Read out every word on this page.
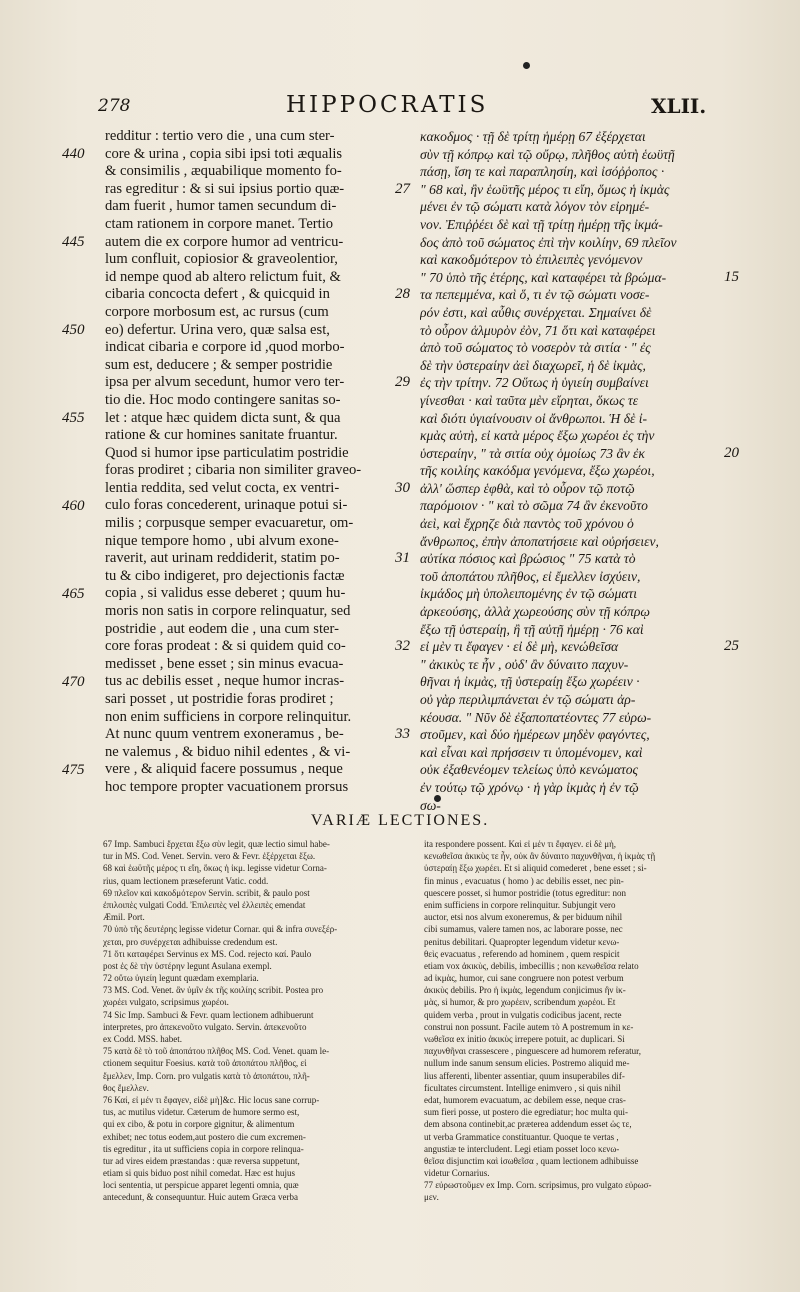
278	HIPPOCRATIS	XLII.
440
445
450
455
460
465
470
475
27
28
29
30
31
32
33
15
20
25
redditur : tertio vero die , una cum ster-
core & urina , copia sibi ipsi toti æqualis
& consimilis , æquabilique momento fo-
ras egreditur : & si sui ipsius portio quæ-
dam fuerit , humor tamen secundum di-
ctam rationem in corpore manet. Tertio
autem die ex corpore humor ad ventricu-
lum confluit, copiosior & graveolentior,
id nempe quod ab altero relictum fuit, &
cibaria concocta defert , & quicquid in
corpore morbosum est, ac rursus (cum
eo) defertur. Urina vero, quæ salsa est,
indicat cibaria e corpore id ,quod morbo-
sum est, deducere ; & semper postridie
ipsa per alvum secedunt, humor vero ter-
tio die. Hoc modo contingere sanitas so-
let : atque hæc quidem dicta sunt, & qua
ratione & cur homines sanitate fruantur.
Quod si humor ipse particulatim postridie
foras prodiret ; cibaria non similiter graveo-
lentia reddita, sed velut cocta, ex ventri-
culo foras concederent, urinaque potui si-
milis ; corpusque semper evacuaretur, om-
nique tempore homo , ubi alvum exone-
raverit, aut urinam reddiderit, statim po-
tu & cibo indigeret, pro dejectionis factæ
copia , si validus esse deberet ; quum hu-
moris non satis in corpore relinquatur, sed
postridie , aut eodem die , una cum ster-
core foras prodeat : & si quidem quid co-
medisset , bene esset ; sin minus evacua-
tus ac debilis esset , neque humor incras-
sari posset , ut postridie foras prodiret ;
non enim sufficiens in corpore relinquitur.
At nunc quum ventrem exoneramus , be-
ne valemus , & biduo nihil edentes , & vi-
vere , & aliquid facere possumus , neque
hoc tempore propter vacuationem prorsus
κακοδμος · τῇ δὲ τρίτῃ ἡμέρῃ 67 ἐξέρχεται
σὺν τῇ κόπρῳ καὶ τῷ οὔρῳ, πλῆθος αὐτὴ ἑωϋτῇ
πάσῃ, ἴση τε καὶ παραπλησίη, καὶ ἰσόῤῥοπος ·
" 68 καὶ, ἢν ἑωϋτῆς μέρος τι εἴη, ὅμως ἡ ἰκμὰς
μένει ἐν τῷ σώματι κατὰ λόγον τὸν εἰρημέ-
νον. Ἐπιῤῥέει δὲ καὶ τῇ τρίτῃ ἡμέρῃ τῆς ἰκμά-
δος ἀπὸ τοῦ σώματος ἐπὶ τὴν κοιλίην, 69 πλεῖον
καὶ κακοδμότερον τὸ ἐπιλειπὲς γενόμενον
" 70 ὑπὸ τῆς ἑτέρης, καὶ καταφέρει τὰ βρώμα-
τα πεπεμμένα, καὶ ὅ, τι ἐν τῷ σώματι νοσε-
ρόν ἐστι, καὶ αὖθις συνέρχεται. Σημαίνει δὲ
τὸ οὖρον ἁλμυρὸν ἐὸν, 71 ὅτι καὶ καταφέρει
ἀπὸ τοῦ σώματος τὸ νοσερὸν τὰ σιτία · " ἐς
δὲ τὴν ὑστεραίην ἀεὶ διαχωρεῖ, ἡ δὲ ἰκμὰς,
ἐς τὴν τρίτην. 72 Οὕτως ἡ ὑγιείη συμβαίνει
γίνεσθαι · καὶ ταῦτα μὲν εἴρηται, ὅκως τε
καὶ διότι ὑγιαίνουσιν οἱ ἄνθρωποι. Ἡ δὲ ἰ-
κμὰς αὐτὴ, εἰ κατὰ μέρος ἔξω χωρέοι ἐς τὴν
ὑστεραίην, " τὰ σιτία οὐχ ὁμοίως 73 ἂν ἐκ
τῆς κοιλίης κακόδμα γενόμενα, ἔξω χωρέοι,
ἀλλ' ὥσπερ ἑφθὰ, καὶ τὸ οὖρον τῷ ποτῷ
παρόμοιον · " καὶ τὸ σῶμα 74 ἂν ἐκενοῦτο
ἀεὶ, καὶ ἔχρηζε διὰ παντὸς τοῦ χρόνου ὁ
ἄνθρωπος, ἐπὴν ἀποπατήσειε καὶ οὐρήσειεν,
αὐτίκα πόσιος καὶ βρώσιος " 75 κατὰ τὸ
τοῦ ἀποπάτου πλῆθος, εἰ ἔμελλεν ἰσχύειν,
ἰκμάδος μὴ ὑπολειπομένης ἐν τῷ σώματι
ἀρκεούσης, ἀλλὰ χωρεούσης σὺν τῇ κόπρῳ
ἔξω τῇ ὑστεραίῃ, ἢ τῇ αὐτῇ ἡμέρῃ · 76 καὶ
εἰ μὲν τι ἔφαγεν · εἰ δὲ μὴ, κενώθεῖσα
" ἀκικὺς τε ἦν , οὐδ' ἂν δύναιτο παχυν-
θῆναι ἡ ἰκμὰς, τῇ ὑστεραίῃ ἔξω χωρέειν ·
οὐ γὰρ περιλιμπάνεται ἐν τῷ σώματι ἀρ-
κέουσα. " Νῦν δὲ ἐξαποπατέοντες 77 εὐρω-
στοῦμεν, καὶ δύο ἡμέρεων μηδὲν φαγόντες,
καὶ εἶναι καὶ πρήσσειν τι ὑπομένομεν, καὶ
οὐκ ἐξαθενέομεν τελείως ὑπὸ κενώματος
ἐν τούτῳ τῷ χρόνῳ · ἡ γὰρ ἰκμὰς ἡ ἐν τῷ
σω-
VARIÆ LECTIONES.
67 Imp. Sambuci ἔρχεται ἔξω σὺν legit, quæ lectio simul habe-
tur in MS. Cod. Venet. Servin. vero & Fevr. ἐξέρχεται ἔξω.
68 καὶ ἑωϋτῆς μέρος τι εἴη, ὅκως ἡ ἰκμ. legisse videtur Corna-
rius, quam lectionem præseferunt Vatic. codd.
69 πλεῖον καὶ κακοδμότερον Servin. scribit, & paulo post
ἐπιλοιπὲς vulgati Codd. Ἐπιλειπὲς vel ἐλλειπὲς emendat
Æmil. Port.
70 ὑπὸ τῆς δευτέρης legisse videtur Cornar. qui & infra συνεξέρ-
χεται, pro συνέρχεται adhibuisse credendum est.
71 ὅτι καταφέρει Servinus ex MS. Cod. rejecto καί. Paulo
post ἐς δὲ τὴν ὑστέρην legunt Asulana exempl.
72 οὕτω ὑγιείη legunt quædam exemplaria.
73 MS. Cod. Venet. ἂν ὑμῖν ἐκ τῆς κοιλίης scribit. Postea pro
χωρέει vulgato, scripsimus χωρέοι.
74 Sic Imp. Sambuci & Fevr. quam lectionem adhibuerunt
interpretes, pro ἀπεκενοῦτο vulgato. Servin. ἀπεκενοῦτο
ex Codd. MSS. habet.
75 κατὰ δὲ τὸ τοῦ ἀποπάτου πλῆθος MS. Cod. Venet. quam le-
ctionem sequitur Foesius. κατὰ τοῦ ἀποπάτου πλῆθος, εἰ
ἔμελλεν, Imp. Corn. pro vulgatis κατὰ τὸ ἀποπάτου, πλῆ-
θος ἔμελλεν.
76 Καί, εἰ μέν τι ἔφαγεν, εἰδὲ μὴ]&c. Hic locus sane corrup-
tus, ac mutilus videtur. Cæterum de humore sermo est,
qui ex cibo, & potu in corpore gignitur, & alimentum
exhibet; nec totus eodem,aut postero die cum excremen-
tis egreditur , ita ut sufficiens copia in corpore relinqua-
tur ad vires eidem præstandas : quæ reversa suppetunt,
etiam si quis biduo post nihil comedat. Hæc est hujus
loci sententia, ut perspicue apparet legenti omnia, quæ
antecedunt, & consequuntur. Huic autem Græca verba
ita respondere possent. Καὶ εἰ μέν τι ἔφαγεν. εἰ δὲ μὴ,
κενωθεῖσα ἀκικὺς τε ἦν, οὐκ ἂν δύναιτο παχυνθῆναι, ἡ ἰκμὰς τῇ
ὑστεραίῃ ἔξω χωρέει. Et si aliquid comederet , bene esset ; si-
fin minus , evacuatus ( homo ) ac debilis esset, nec pin-
quescere posset, si humor postridie (totus egreditur: non
enim sufficiens in corpore relinquitur. Subjungit vero
auctor, etsi nos alvum exoneremus, & per biduum nihil
cibi sumamus, valere tamen nos, ac laborare posse, nec
penitus debilitari. Quapropter legendum videtur κενω-
θεὶς evacuatus , referendo ad hominem , quem respicit
etiam vox ἀκικὺς, debilis, imbecillis ; non κενωθεῖσα relato
ad ἰκμὰς, humor, cui sane congruere non potest verbum
ἀκικὺς debilis. Pro ἡ ἰκμὰς, legendum conjicimus ἢν ἰκ-
μὰς, si humor, & pro χωρέειν, scribendum χωρέοι. Et
quidem verba , prout in vulgatis codicibus jacent, recte
construi non possunt. Facile autem τὸ A postremum in κε-
νωθεῖσα ex initio ἀκικὺς irrepere potuit, ac duplicari. Si
παχυνθῆναι crassescere , pinguescere ad humorem referatur,
nullum inde sanum sensum elicies. Postremo aliquid me-
lius afferenti, libenter assentiar, quum insuperabiles dif-
ficultates circumstent. Intellige enimvero , si quis nihil
edat, humorem evacuatum, ac debilem esse, neque cras-
sum fieri posse, ut postero die egrediatur; hoc multa qui-
dem absona continebit,ac præterea addendum esset ὡς τε,
ut verba Grammatice constituantur. Quoque te vertas ,
angustiæ te intercludent. Legi etiam posset loco κενω-
θεῖσα disjunctim καὶ ἰσωθεῖσα , quam lectionem adhibuisse
videtur Cornarius.
77 εὐρωστοῦμεν ex Imp. Corn. scripsimus, pro vulgato εὐρωσ-
μεν.
